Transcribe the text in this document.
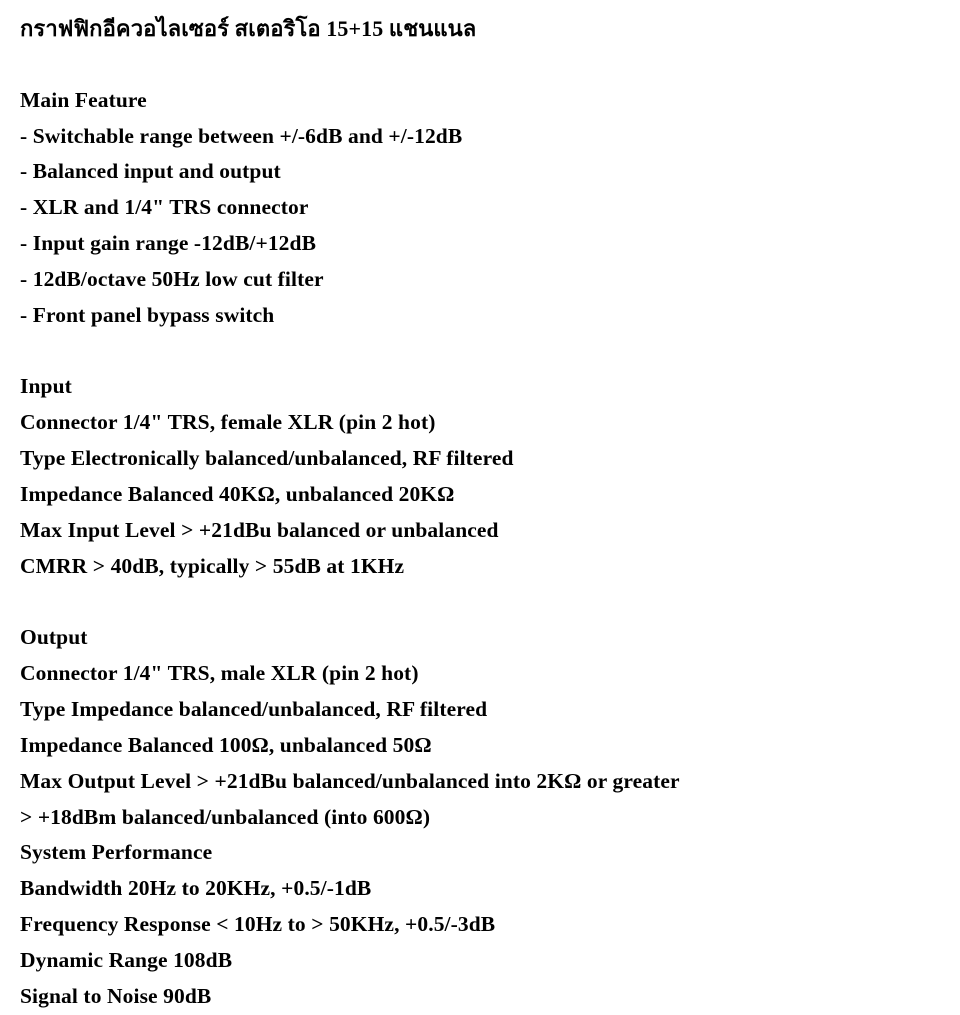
กราฟฟิกอีควอไลเซอร์ สเตอริโอ 15+15 แชนแนล
Main Feature
- Switchable range between +/-6dB and +/-12dB
- Balanced input and output
- XLR and 1/4" TRS connector
- Input gain range -12dB/+12dB
- 12dB/octave 50Hz low cut filter
- Front panel bypass switch
Input
Connector 1/4" TRS, female XLR (pin 2 hot)
Type Electronically balanced/unbalanced, RF filtered
Impedance Balanced 40KΩ, unbalanced 20KΩ
Max Input Level > +21dBu balanced or unbalanced
CMRR > 40dB, typically > 55dB at 1KHz
Output
Connector 1/4" TRS, male XLR (pin 2 hot)
Type Impedance balanced/unbalanced, RF filtered
Impedance Balanced 100Ω, unbalanced 50Ω
Max Output Level > +21dBu balanced/unbalanced into 2KΩ or greater
> +18dBm balanced/unbalanced (into 600Ω)
System Performance
Bandwidth 20Hz to 20KHz, +0.5/-1dB
Frequency Response < 10Hz to > 50KHz, +0.5/-3dB
Dynamic Range 108dB
Signal to Noise 90dB
